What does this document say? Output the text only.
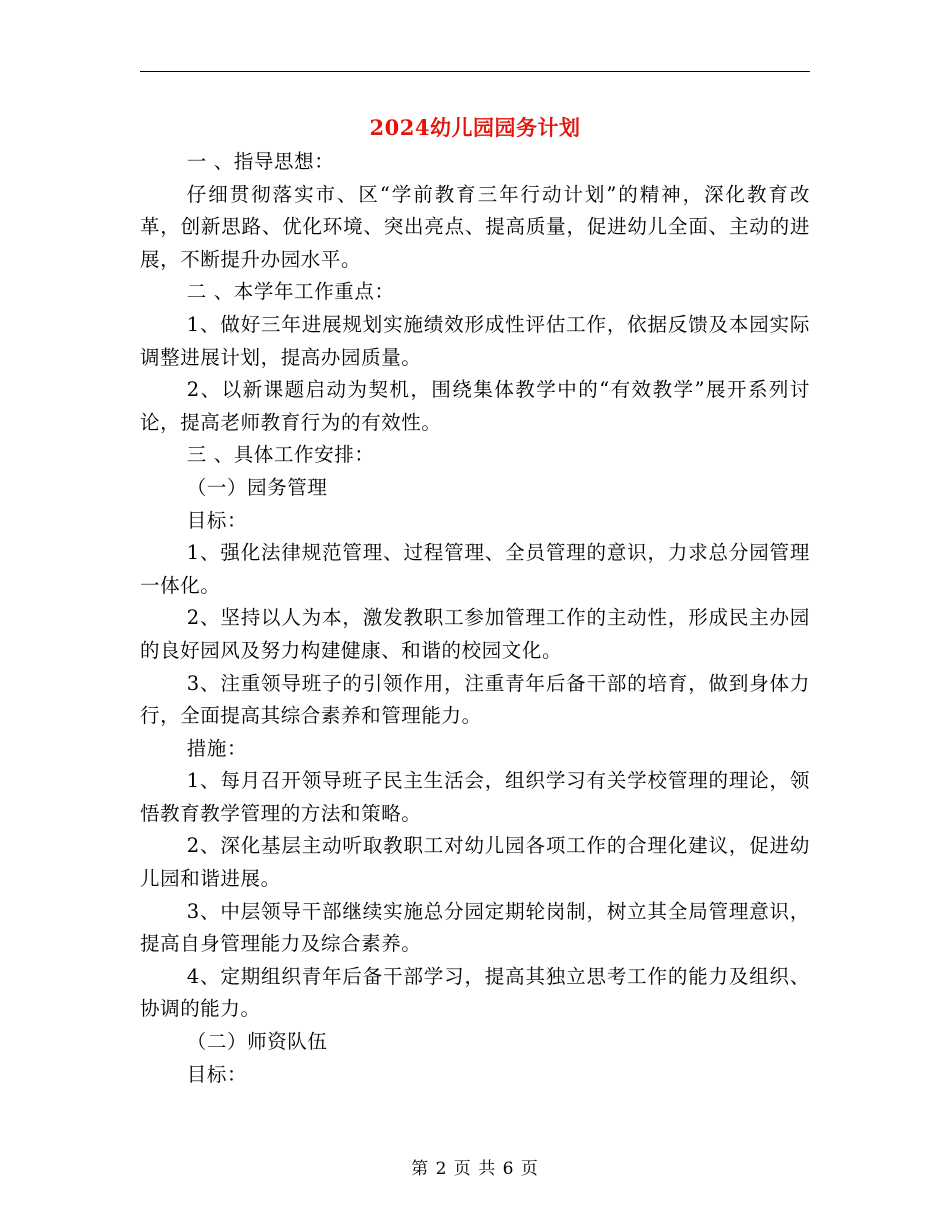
2024幼儿园园务计划

一 、指导思想：

仔细贯彻落实市、区“学前教育三年行动计划”的精神，深化教育改革，创新思路、优化环境、突出亮点、提高质量，促进幼儿全面、主动的进展，不断提升办园水平。

二 、本学年工作重点：

1、做好三年进展规划实施绩效形成性评估工作，依据反馈及本园实际调整进展计划，提高办园质量。

2、以新课题启动为契机，围绕集体教学中的“有效教学”展开系列讨论，提高老师教育行为的有效性。

三 、具体工作安排：

（一）园务管理

目标：

1、强化法律规范管理、过程管理、全员管理的意识，力求总分园管理一体化。

2、坚持以人为本，激发教职工参加管理工作的主动性，形成民主办园的良好园风及努力构建健康、和谐的校园文化。

3、注重领导班子的引领作用，注重青年后备干部的培育，做到身体力行，全面提高其综合素养和管理能力。

措施：

1、每月召开领导班子民主生活会，组织学习有关学校管理的理论，领悟教育教学管理的方法和策略。

2、深化基层主动听取教职工对幼儿园各项工作的合理化建议，促进幼儿园和谐进展。

3、中层领导干部继续实施总分园定期轮岗制，树立其全局管理意识，提高自身管理能力及综合素养。

4、定期组织青年后备干部学习，提高其独立思考工作的能力及组织、协调的能力。

（二）师资队伍

目标：

第 2 页 共 6 页
